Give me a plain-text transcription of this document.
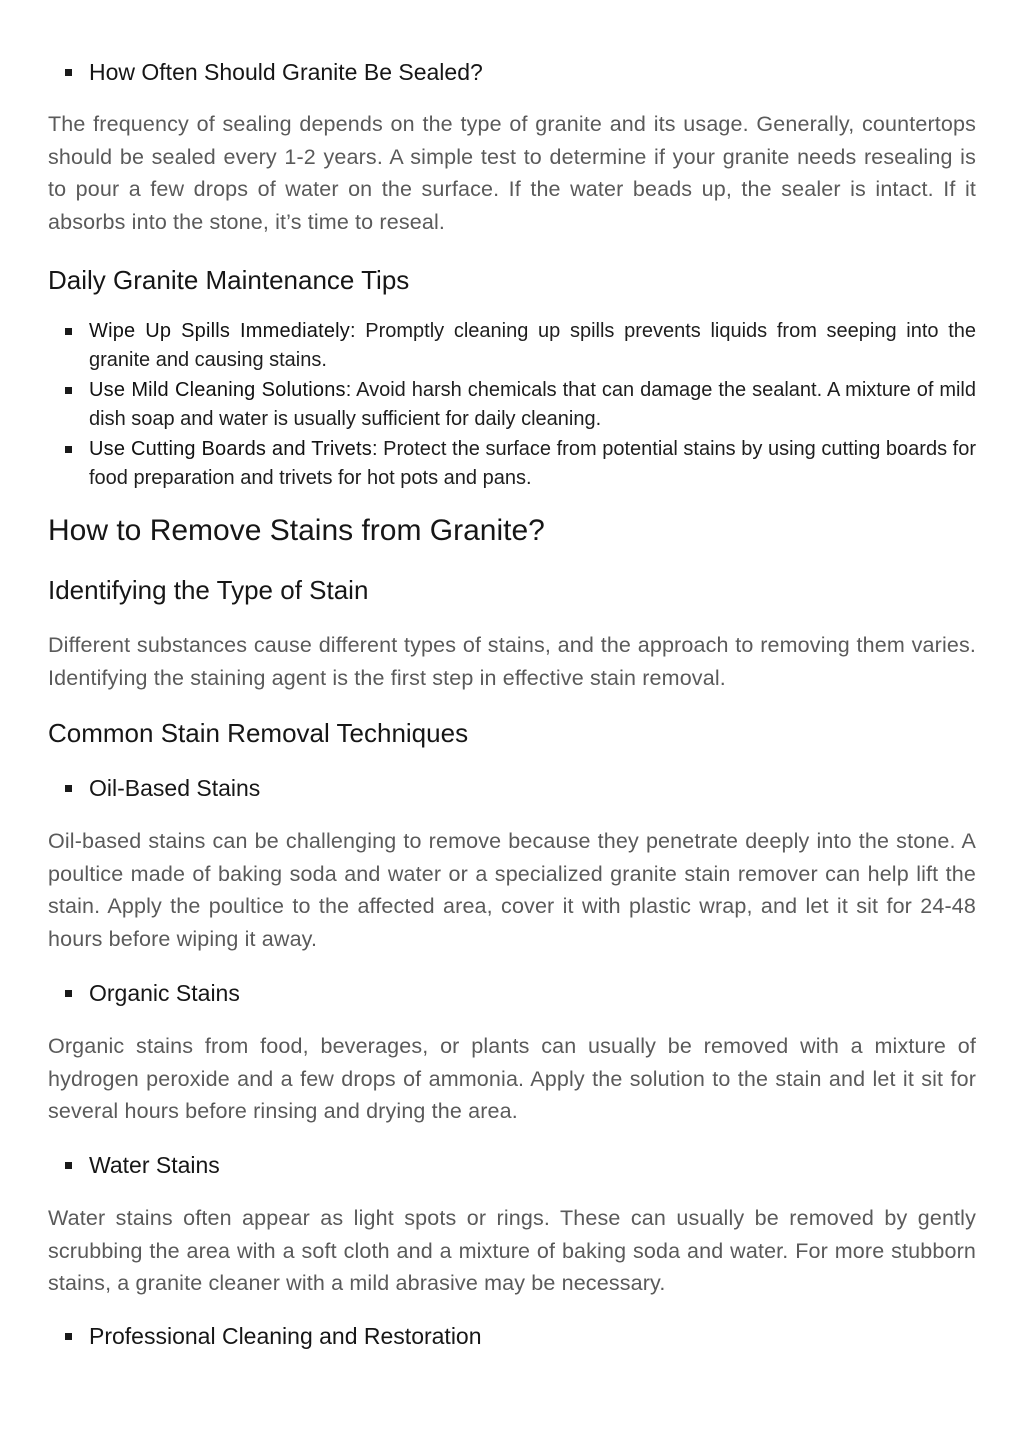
How Often Should Granite Be Sealed?

The frequency of sealing depends on the type of granite and its usage. Generally, countertops should be sealed every 1-2 years. A simple test to determine if your granite needs resealing is to pour a few drops of water on the surface. If the water beads up, the sealer is intact. If it absorbs into the stone, it’s time to reseal.

Daily Granite Maintenance Tips
Wipe Up Spills Immediately: Promptly cleaning up spills prevents liquids from seeping into the granite and causing stains.
Use Mild Cleaning Solutions: Avoid harsh chemicals that can damage the sealant. A mixture of mild dish soap and water is usually sufficient for daily cleaning.
Use Cutting Boards and Trivets: Protect the surface from potential stains by using cutting boards for food preparation and trivets for hot pots and pans.
How to Remove Stains from Granite?
Identifying the Type of Stain

Different substances cause different types of stains, and the approach to removing them varies. Identifying the staining agent is the first step in effective stain removal.

Common Stain Removal Techniques
Oil-Based Stains

Oil-based stains can be challenging to remove because they penetrate deeply into the stone. A poultice made of baking soda and water or a specialized granite stain remover can help lift the stain. Apply the poultice to the affected area, cover it with plastic wrap, and let it sit for 24-48 hours before wiping it away.

Organic Stains

Organic stains from food, beverages, or plants can usually be removed with a mixture of hydrogen peroxide and a few drops of ammonia. Apply the solution to the stain and let it sit for several hours before rinsing and drying the area.

Water Stains

Water stains often appear as light spots or rings. These can usually be removed by gently scrubbing the area with a soft cloth and a mixture of baking soda and water. For more stubborn stains, a granite cleaner with a mild abrasive may be necessary.

Professional Cleaning and Restoration
